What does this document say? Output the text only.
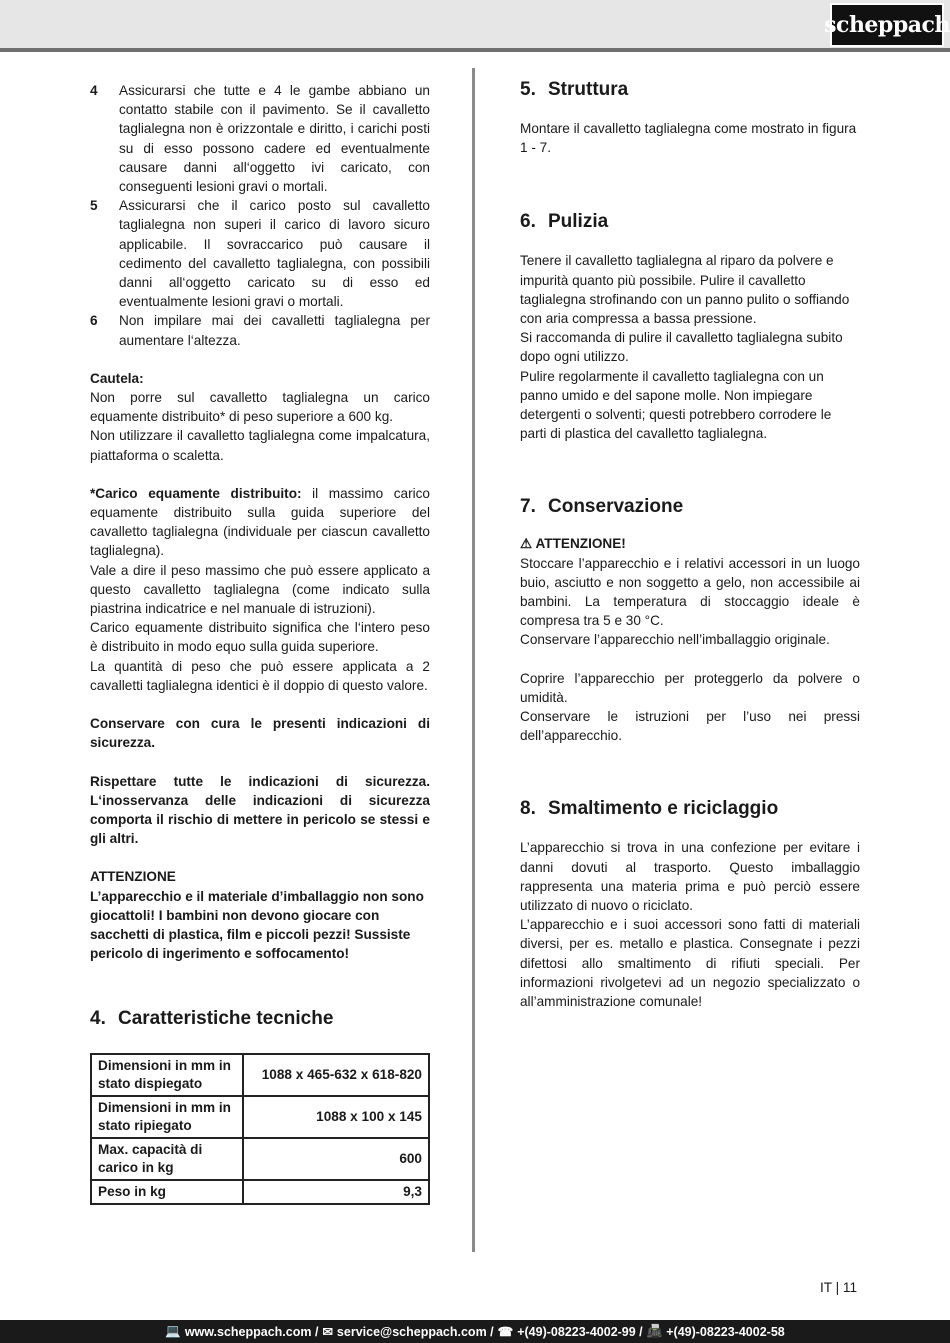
scheppach
4	Assicurarsi che tutte e 4 le gambe abbiano un contatto stabile con il pavimento. Se il cavalletto taglialegna non è orizzontale e diritto, i carichi posti su di esso possono cadere ed eventualmente causare danni all‘oggetto ivi caricato, con conseguenti lesioni gravi o mortali.
5	Assicurarsi che il carico posto sul cavalletto taglialegna non superi il carico di lavoro sicuro applicabile. Il sovraccarico può causare il cedimento del cavalletto taglialegna, con possibili danni all‘oggetto caricato su di esso ed eventualmente lesioni gravi o mortali.
6	Non impilare mai dei cavalletti taglialegna per aumentare l‘altezza.

Cautela:

Non porre sul cavalletto taglialegna un carico equamente distribuito* di peso superiore a 600 kg.

Non utilizzare il cavalletto taglialegna come impalcatura, piattaforma o scaletta.

*Carico equamente distribuito: il massimo carico equamente distribuito sulla guida superiore del cavalletto taglialegna (individuale per ciascun cavalletto taglialegna).

Vale a dire il peso massimo che può essere applicato a questo cavalletto taglialegna (come indicato sulla piastrina indicatrice e nel manuale di istruzioni).

Carico equamente distribuito significa che l‘intero peso è distribuito in modo equo sulla guida superiore.

La quantità di peso che può essere applicata a 2 cavalletti taglialegna identici è il doppio di questo valore.

Conservare con cura le presenti indicazioni di sicurezza.

Rispettare tutte le indicazioni di sicurezza. L‘inosservanza delle indicazioni di sicurezza comporta il rischio di mettere in pericolo se stessi e gli altri.

ATTENZIONE

L’apparecchio e il materiale d’imballaggio non sono giocattoli! I bambini non devono giocare con sacchetti di plastica, film e piccoli pezzi! Sussiste pericolo di ingerimento e soffocamento!

4. Caratteristiche tecniche
Dimensioni in mm in stato dispiegato	1088 x 465-632 x 618-820
Dimensioni in mm in stato ripiegato	1088 x 100 x 145
Max. capacità di carico in kg	600
Peso in kg	9,3
5. Struttura

Montare il cavalletto taglialegna come mostrato in figura 1 - 7.

6. Pulizia

Tenere il cavalletto taglialegna al riparo da polvere e impurità quanto più possibile. Pulire il cavalletto taglialegna strofinando con un panno pulito o soffiando con aria compressa a bassa pressione.

Si raccomanda di pulire il cavalletto taglialegna subito dopo ogni utilizzo.

Pulire regolarmente il cavalletto taglialegna con un panno umido e del sapone molle. Non impiegare detergenti o solventi; questi potrebbero corrodere le parti di plastica del cavalletto taglialegna.

7. Conservazione

⚠ ATTENZIONE!

Stoccare l’apparecchio e i relativi accessori in un luogo buio, asciutto e non soggetto a gelo, non accessibile ai bambini. La temperatura di stoccaggio ideale è compresa tra 5 e 30 °C.

Conservare l’apparecchio nell’imballaggio originale.

Coprire l’apparecchio per proteggerlo da polvere o umidità.

Conservare le istruzioni per l’uso nei pressi dell’apparecchio.

8. Smaltimento e riciclaggio

L’apparecchio si trova in una confezione per evitare i danni dovuti al trasporto. Questo imballaggio rappresenta una materia prima e può perciò essere utilizzato di nuovo o riciclato.

L’apparecchio e i suoi accessori sono fatti di materiali diversi, per es. metallo e plastica. Consegnate i pezzi difettosi allo smaltimento di rifiuti speciali. Per informazioni rivolgetevi ad un negozio specializzato o all’amministrazione comunale!

IT | 11
💻 www.scheppach.com / ✉ service@scheppach.com / ☎ +(49)-08223-4002-99 / 📠 +(49)-08223-4002-58
